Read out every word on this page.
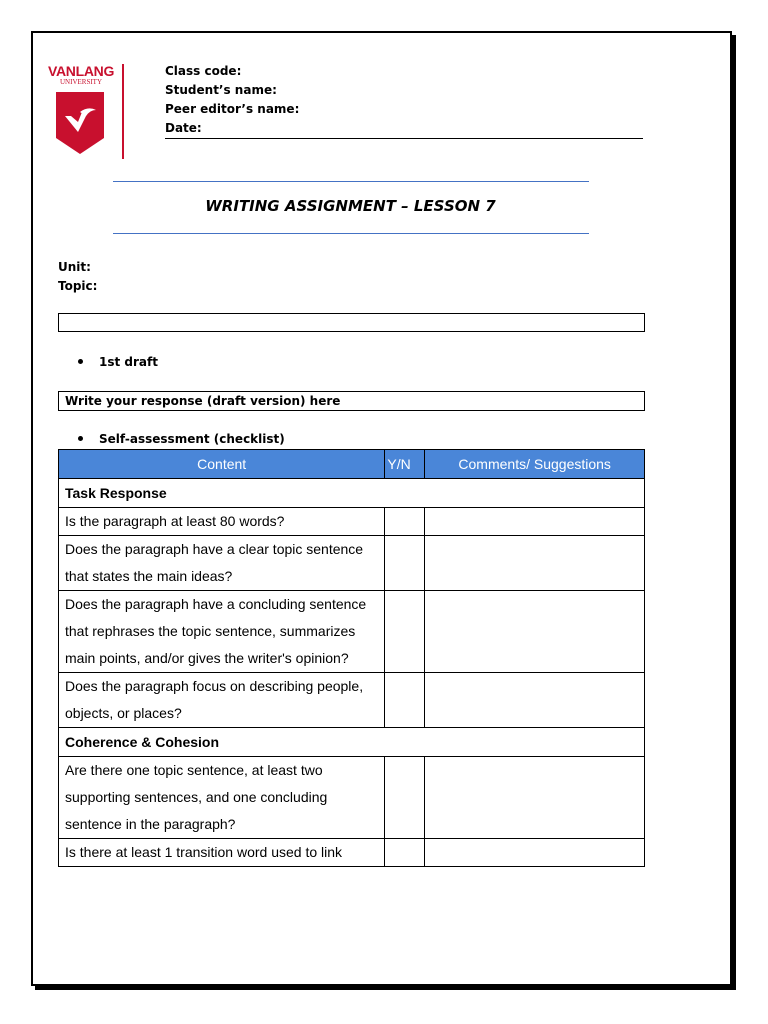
VANLANG
UNIVERSITY
Class code:
Student’s name:
Peer editor’s name:
Date:
WRITING ASSIGNMENT – LESSON 7
Unit:
Topic:
1st draft
Write your response (draft version) here
Self-assessment (checklist)
Content	Y/N	Comments/ Suggestions
Task Response		
Is the paragraph at least 80 words?		
Does the paragraph have a clear topic sentence that states the main ideas?		
Does the paragraph have a concluding sentence that rephrases the topic sentence, summarizes main points, and/or gives the writer's opinion?		
Does the paragraph focus on describing people, objects, or places?		
Coherence & Cohesion		
Are there one topic sentence, at least two supporting sentences, and one concluding sentence in the paragraph?		
Is there at least 1 transition word used to link		
